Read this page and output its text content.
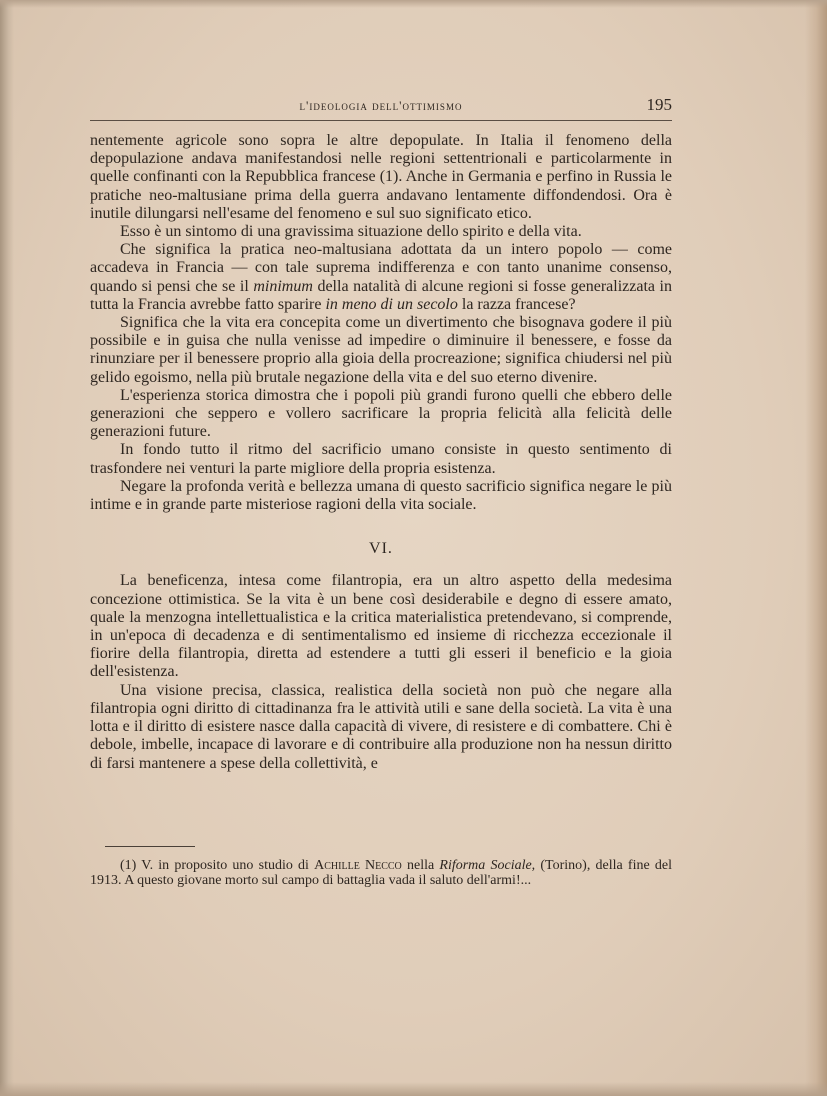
l'ideologia dell'ottimismo	195

nentemente agricole sono sopra le altre depopulate. In Italia il fenomeno della depopulazione andava manifestandosi nelle regioni settentrionali e particolarmente in quelle confinanti con la Repubblica francese (1). Anche in Germania e perfino in Russia le pratiche neo-maltusiane prima della guerra andavano lentamente diffondendosi. Ora è inutile dilungarsi nell'esame del fenomeno e sul suo significato etico.

Esso è un sintomo di una gravissima situazione dello spirito e della vita.

Che significa la pratica neo-maltusiana adottata da un intero popolo — come accadeva in Francia — con tale suprema indifferenza e con tanto unanime consenso, quando si pensi che se il minimum della natalità di alcune regioni si fosse generalizzata in tutta la Francia avrebbe fatto sparire in meno di un secolo la razza francese?

Significa che la vita era concepita come un divertimento che bisognava godere il più possibile e in guisa che nulla venisse ad impedire o diminuire il benessere, e fosse da rinunziare per il benessere proprio alla gioia della procreazione; significa chiudersi nel più gelido egoismo, nella più brutale negazione della vita e del suo eterno divenire.

L'esperienza storica dimostra che i popoli più grandi furono quelli che ebbero delle generazioni che seppero e vollero sacrificare la propria felicità alla felicità delle generazioni future.

In fondo tutto il ritmo del sacrificio umano consiste in questo sentimento di trasfondere nei venturi la parte migliore della propria esistenza.

Negare la profonda verità e bellezza umana di questo sacrificio significa negare le più intime e in grande parte misteriose ragioni della vita sociale.

VI.

La beneficenza, intesa come filantropia, era un altro aspetto della medesima concezione ottimistica. Se la vita è un bene così desiderabile e degno di essere amato, quale la menzogna intellettualistica e la critica materialistica pretendevano, si comprende, in un'epoca di decadenza e di sentimentalismo ed insieme di ricchezza eccezionale il fiorire della filantropia, diretta ad estendere a tutti gli esseri il beneficio e la gioia dell'esistenza.

Una visione precisa, classica, realistica della società non può che negare alla filantropia ogni diritto di cittadinanza fra le attività utili e sane della società. La vita è una lotta e il diritto di esistere nasce dalla capacità di vivere, di resistere e di combattere. Chi è debole, imbelle, incapace di lavorare e di contribuire alla produzione non ha nessun diritto di farsi mantenere a spese della collettività, e

(1) V. in proposito uno studio di Achille Necco nella Riforma Sociale, (Torino), della fine del 1913. A questo giovane morto sul campo di battaglia vada il saluto dell'armi!...
